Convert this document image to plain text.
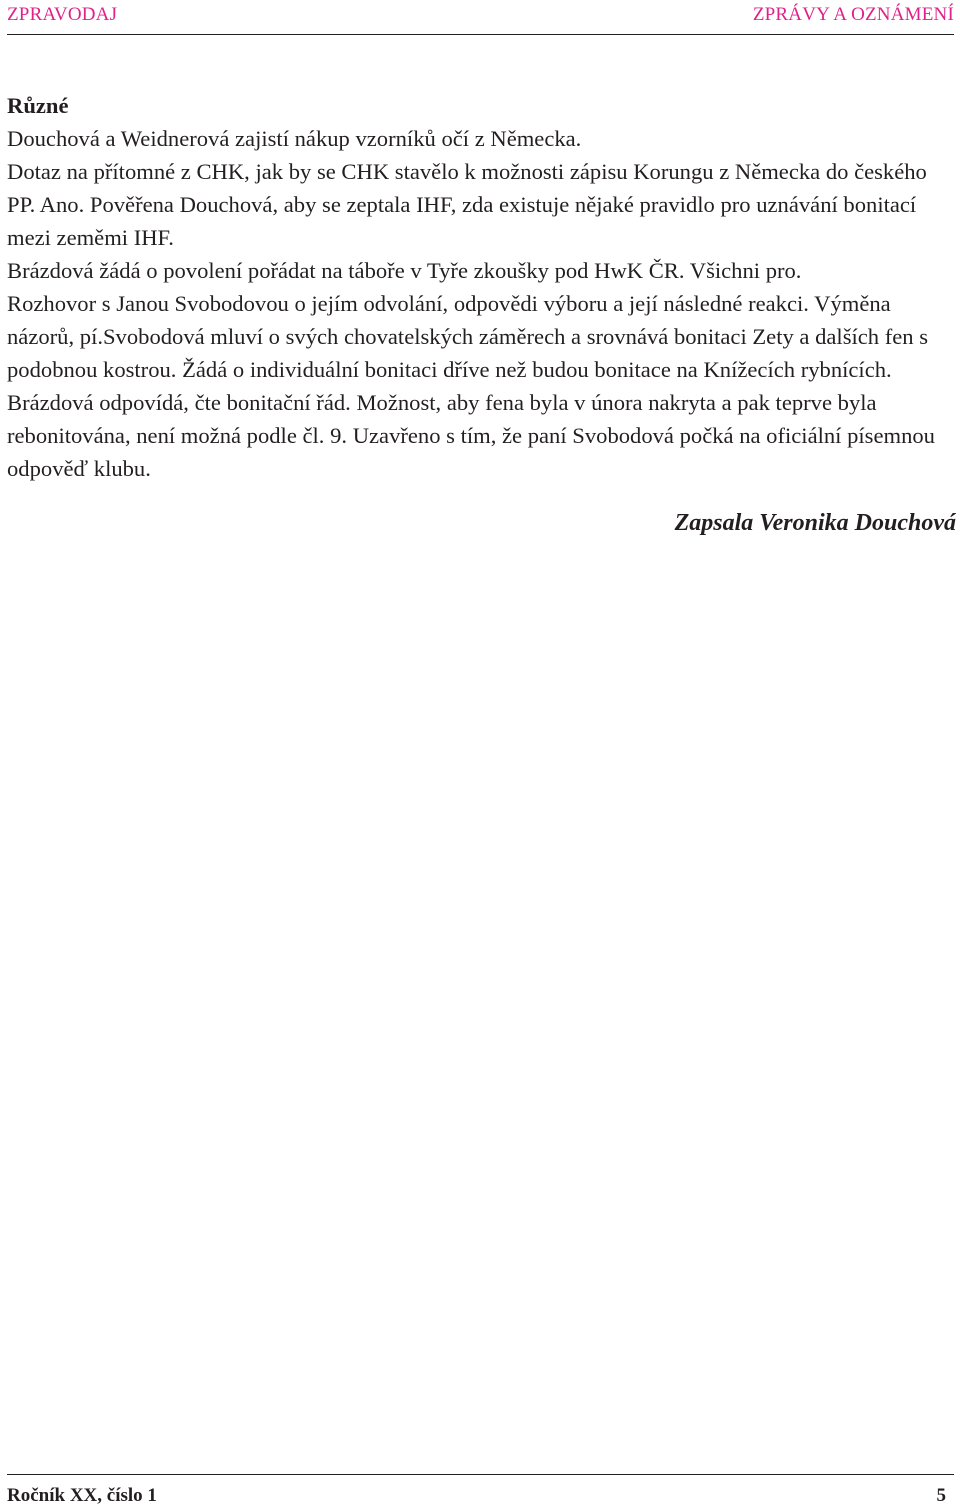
ZPRAVODAJ	ZPRÁVY A OZNÁMENÍ

Různé

Douchová a Weidnerová zajistí nákup vzorníků očí z Německa.

Dotaz na přítomné z CHK, jak by se CHK stavělo k možnosti zápisu Korungu z Německa do českého PP. Ano. Pověřena Douchová, aby se zeptala IHF, zda existuje nějaké pravidlo pro uznávání bonitací mezi zeměmi IHF.

Brázdová žádá o povolení pořádat na táboře v Tyře zkoušky pod HwK ČR. Všichni pro.

Rozhovor s Janou Svobodovou o jejím odvolání, odpovědi výboru a její následné reakci. Výměna názorů, pí.Svobodová mluví o svých chovatelských záměrech a srovnává bonitaci Zety a dalších fen s podobnou kostrou. Žádá o individuální bonitaci dříve než budou bonitace na Knížecích rybnících. Brázdová odpovídá, čte bonitační řád. Možnost, aby fena byla v února nakryta a pak teprve byla rebonitována, není možná podle čl. 9. Uzavřeno s tím, že paní Svobodová počká na oficiální písemnou odpověď klubu.

Zapsala Veronika Douchová
Ročník XX, číslo 1	5
